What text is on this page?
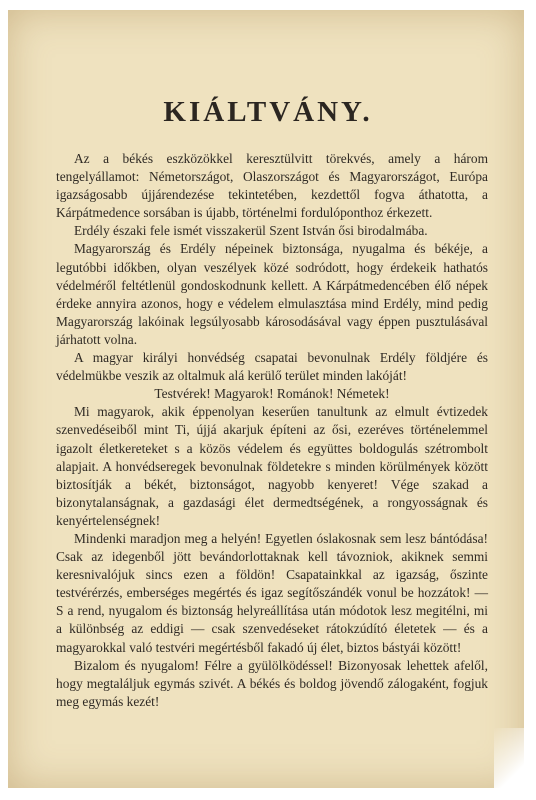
KIÁLTVÁNY.

Az a békés eszközökkel keresztülvitt törekvés, amely a három tengelyállamot: Németországot, Olaszországot és Magyarországot, Európa igazságosabb újjárendezése tekintetében, kezdettől fogva áthatotta, a Kárpátmedence sorsában is újabb, történelmi fordulóponthoz érkezett.

Erdély északi fele ismét visszakerül Szent István ősi birodalmába.

Magyarország és Erdély népeinek biztonsága, nyugalma és békéje, a legutóbbi időkben, olyan veszélyek közé sodródott, hogy érdekeik hathatós védelméről feltétlenül gondoskodnunk kellett. A Kárpátmedencében élő népek érdeke annyira azonos, hogy e védelem elmulasztása mind Erdély, mind pedig Magyarország lakóinak legsúlyosabb károsodásával vagy éppen pusztulásával járhatott volna.

A magyar királyi honvédség csapatai bevonulnak Erdély földjére és védelmükbe veszik az oltalmuk alá kerülő terület minden lakóját!

Testvérek! Magyarok! Románok! Németek!

Mi magyarok, akik éppenolyan keserűen tanultunk az elmult évtizedek szenvedéseiből mint Ti, újjá akarjuk építeni az ősi, ezeréves történelemmel igazolt életkereteket s a közös védelem és együttes boldogulás szétrombolt alapjait. A honvédseregek bevonulnak földetekre s minden körülmények között biztosítják a békét, biztonságot, nagyobb kenyeret! Vége szakad a bizonytalanságnak, a gazdasági élet dermedtségének, a rongyosságnak és kenyértelenségnek!

Mindenki maradjon meg a helyén! Egyetlen óslakosnak sem lesz bántódása! Csak az idegenből jött bevándorlottaknak kell távozniok, akiknek semmi keresnivalójuk sincs ezen a földön! Csapatainkkal az igazság, őszinte testvérérzés, emberséges megértés és igaz segítőszándék vonul be hozzátok! — S a rend, nyugalom és biztonság helyreállítása után módotok lesz megitélni, mi a különbség az eddigi — csak szenvedéseket rátokzúdító életetek — és a magyarokkal való testvéri megértésből fakadó új élet, biztos bástyái között!

Bizalom és nyugalom! Félre a gyülölködéssel! Bizonyosak lehettek afelől, hogy megtaláljuk egymás szivét. A békés és boldog jövendő zálogaként, fogjuk meg egymás kezét!
